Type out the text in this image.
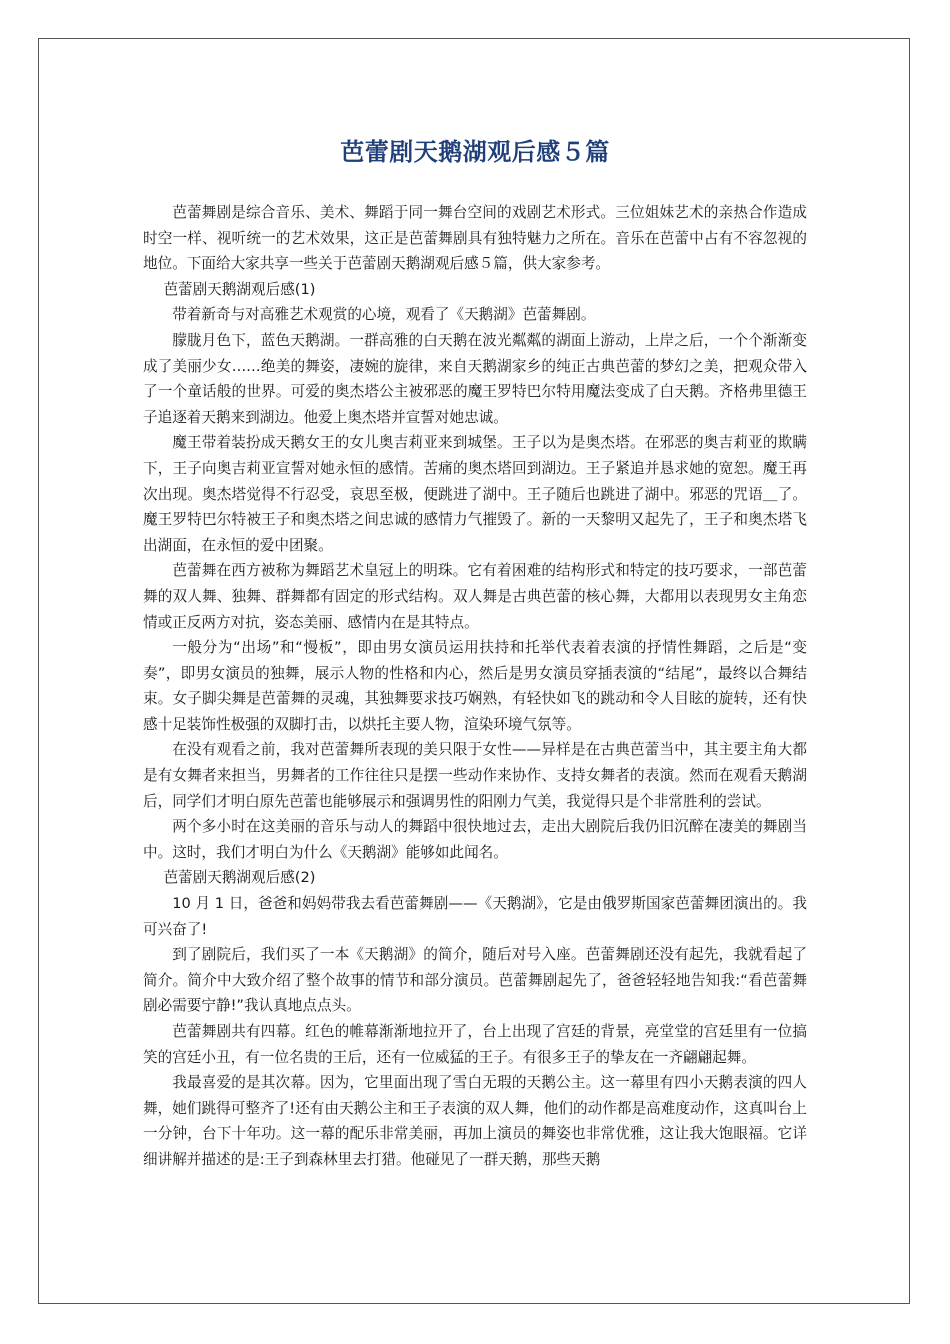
芭蕾剧天鹅湖观后感５篇

芭蕾舞剧是综合音乐、美术、舞蹈于同一舞台空间的戏剧艺术形式。三位姐妹艺术的亲热合作造成时空一样、视听统一的艺术效果，这正是芭蕾舞剧具有独特魅力之所在。音乐在芭蕾中占有不容忽视的地位。下面给大家共享一些关于芭蕾剧天鹅湖观后感５篇，供大家参考。

芭蕾剧天鹅湖观后感(1)

带着新奇与对高雅艺术观赏的心境，观看了《天鹅湖》芭蕾舞剧。

朦胧月色下，蓝色天鹅湖。一群高雅的白天鹅在波光粼粼的湖面上游动，上岸之后，一个个渐渐变成了美丽少女……绝美的舞姿，凄婉的旋律，来自天鹅湖家乡的纯正古典芭蕾的梦幻之美，把观众带入了一个童话般的世界。可爱的奥杰塔公主被邪恶的魔王罗特巴尔特用魔法变成了白天鹅。齐格弗里德王子追逐着天鹅来到湖边。他爱上奥杰塔并宣誓对她忠诚。

魔王带着装扮成天鹅女王的女儿奥吉莉亚来到城堡。王子以为是奥杰塔。在邪恶的奥吉莉亚的欺瞒下，王子向奥吉莉亚宣誓对她永恒的感情。苦痛的奥杰塔回到湖边。王子紧追并恳求她的宽恕。魔王再次出现。奥杰塔觉得不行忍受，哀思至极，便跳进了湖中。王子随后也跳进了湖中。邪恶的咒语＿了。魔王罗特巴尔特被王子和奥杰塔之间忠诚的感情力气摧毁了。新的一天黎明又起先了，王子和奥杰塔飞出湖面，在永恒的爱中团聚。

芭蕾舞在西方被称为舞蹈艺术皇冠上的明珠。它有着困难的结构形式和特定的技巧要求，一部芭蕾舞的双人舞、独舞、群舞都有固定的形式结构。双人舞是古典芭蕾的核心舞，大都用以表现男女主角恋情或正反两方对抗，姿态美丽、感情内在是其特点。

一般分为“出场”和“慢板”，即由男女演员运用扶持和托举代表着表演的抒情性舞蹈，之后是“变奏”，即男女演员的独舞，展示人物的性格和内心，然后是男女演员穿插表演的“结尾”，最终以合舞结束。女子脚尖舞是芭蕾舞的灵魂，其独舞要求技巧娴熟，有轻快如飞的跳动和令人目眩的旋转，还有快感十足装饰性极强的双脚打击，以烘托主要人物，渲染环境气氛等。

在没有观看之前，我对芭蕾舞所表现的美只限于女性——异样是在古典芭蕾当中，其主要主角大都是有女舞者来担当，男舞者的工作往往只是摆一些动作来协作、支持女舞者的表演。然而在观看天鹅湖后，同学们才明白原先芭蕾也能够展示和强调男性的阳刚力气美，我觉得只是个非常胜利的尝试。

两个多小时在这美丽的音乐与动人的舞蹈中很快地过去，走出大剧院后我仍旧沉醉在凄美的舞剧当中。这时，我们才明白为什么《天鹅湖》能够如此闻名。

芭蕾剧天鹅湖观后感(2)

10 月 1 日，爸爸和妈妈带我去看芭蕾舞剧——《天鹅湖》，它是由俄罗斯国家芭蕾舞团演出的。我可兴奋了!

到了剧院后，我们买了一本《天鹅湖》的简介，随后对号入座。芭蕾舞剧还没有起先，我就看起了简介。简介中大致介绍了整个故事的情节和部分演员。芭蕾舞剧起先了，爸爸轻轻地告知我:“看芭蕾舞剧必需要宁静!”我认真地点点头。

芭蕾舞剧共有四幕。红色的帷幕渐渐地拉开了，台上出现了宫廷的背景，亮堂堂的宫廷里有一位搞笑的宫廷小丑，有一位名贵的王后，还有一位威猛的王子。有很多王子的挚友在一齐翩翩起舞。

我最喜爱的是其次幕。因为，它里面出现了雪白无瑕的天鹅公主。这一幕里有四小天鹅表演的四人舞，她们跳得可整齐了!还有由天鹅公主和王子表演的双人舞，他们的动作都是高难度动作，这真叫台上一分钟，台下十年功。这一幕的配乐非常美丽，再加上演员的舞姿也非常优雅，这让我大饱眼福。它详细讲解并描述的是:王子到森林里去打猎。他碰见了一群天鹅，那些天鹅
